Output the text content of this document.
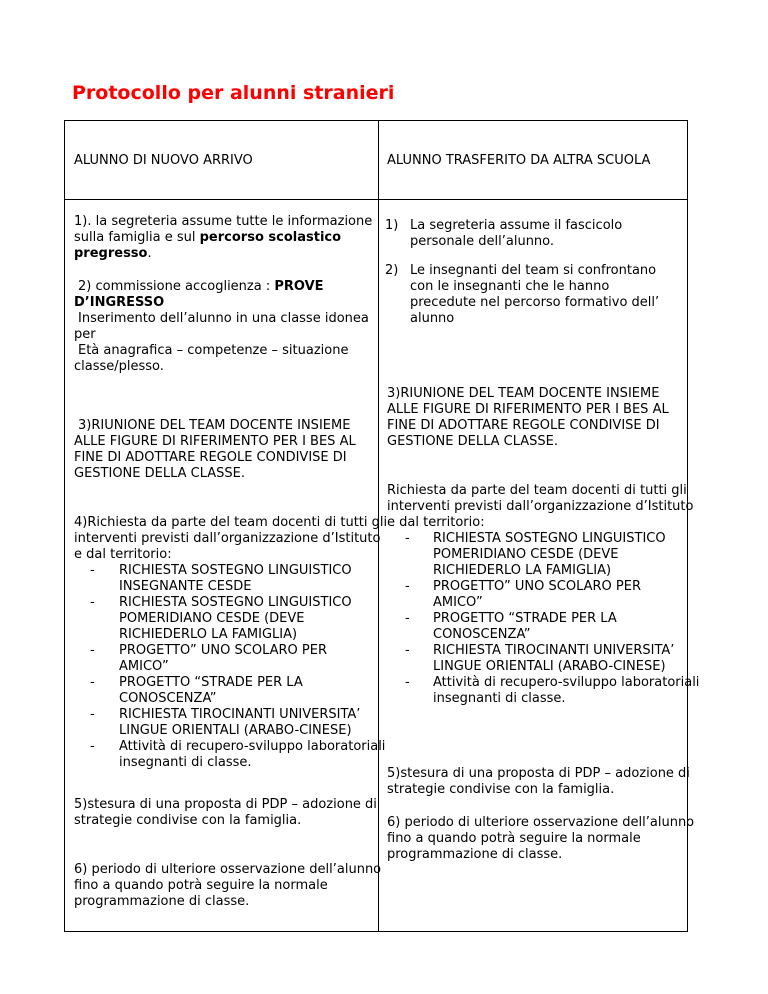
Protocollo per alunni stranieri
ALUNNO DI NUOVO ARRIVO	ALUNNO TRASFERITO DA ALTRA SCUOLA
1). la segreteria assume tutte le informazione
sulla famiglia e sul percorso scolastico
pregresso.
2) commissione accoglienza : PROVE
D’INGRESSO
Inserimento dell’alunno in una classe idonea
per
Età anagrafica – competenze – situazione
classe/plesso.
3)RIUNIONE DEL TEAM DOCENTE INSIEME
ALLE FIGURE DI RIFERIMENTO PER I BES AL
FINE DI ADOTTARE REGOLE CONDIVISE DI
GESTIONE DELLA CLASSE.
4)Richiesta da parte del team docenti di tutti gli
interventi previsti dall’organizzazione d’Istituto
e dal territorio:
- RICHIESTA SOSTEGNO LINGUISTICO
INSEGNANTE CESDE
- RICHIESTA SOSTEGNO LINGUISTICO
POMERIDIANO CESDE (DEVE
RICHIEDERLO LA FAMIGLIA)
- PROGETTO” UNO SCOLARO PER
AMICO”
- PROGETTO “STRADE PER LA
CONOSCENZA”
- RICHIESTA TIROCINANTI UNIVERSITA’
LINGUE ORIENTALI (ARABO-CINESE)
- Attività di recupero-sviluppo laboratoriali
insegnanti di classe.
5)stesura di una proposta di PDP – adozione di
strategie condivise con la famiglia.
6) periodo di ulteriore osservazione dell’alunno
fino a quando potrà seguire la normale
programmazione di classe.
1) La segreteria assume il fascicolo
personale dell’alunno.
2) Le insegnanti del team si confrontano
con le insegnanti che le hanno
precedute nel percorso formativo dell’
alunno
3)RIUNIONE DEL TEAM DOCENTE INSIEME
ALLE FIGURE DI RIFERIMENTO PER I BES AL
FINE DI ADOTTARE REGOLE CONDIVISE DI
GESTIONE DELLA CLASSE.
Richiesta da parte del team docenti di tutti gli
interventi previsti dall’organizzazione d’Istituto
e dal territorio:
- RICHIESTA SOSTEGNO LINGUISTICO
POMERIDIANO CESDE (DEVE
RICHIEDERLO LA FAMIGLIA)
- PROGETTO” UNO SCOLARO PER
AMICO”
- PROGETTO “STRADE PER LA
CONOSCENZA”
- RICHIESTA TIROCINANTI UNIVERSITA’
LINGUE ORIENTALI (ARABO-CINESE)
- Attività di recupero-sviluppo laboratoriali
insegnanti di classe.
5)stesura di una proposta di PDP – adozione di
strategie condivise con la famiglia.
6) periodo di ulteriore osservazione dell’alunno
fino a quando potrà seguire la normale
programmazione di classe.
